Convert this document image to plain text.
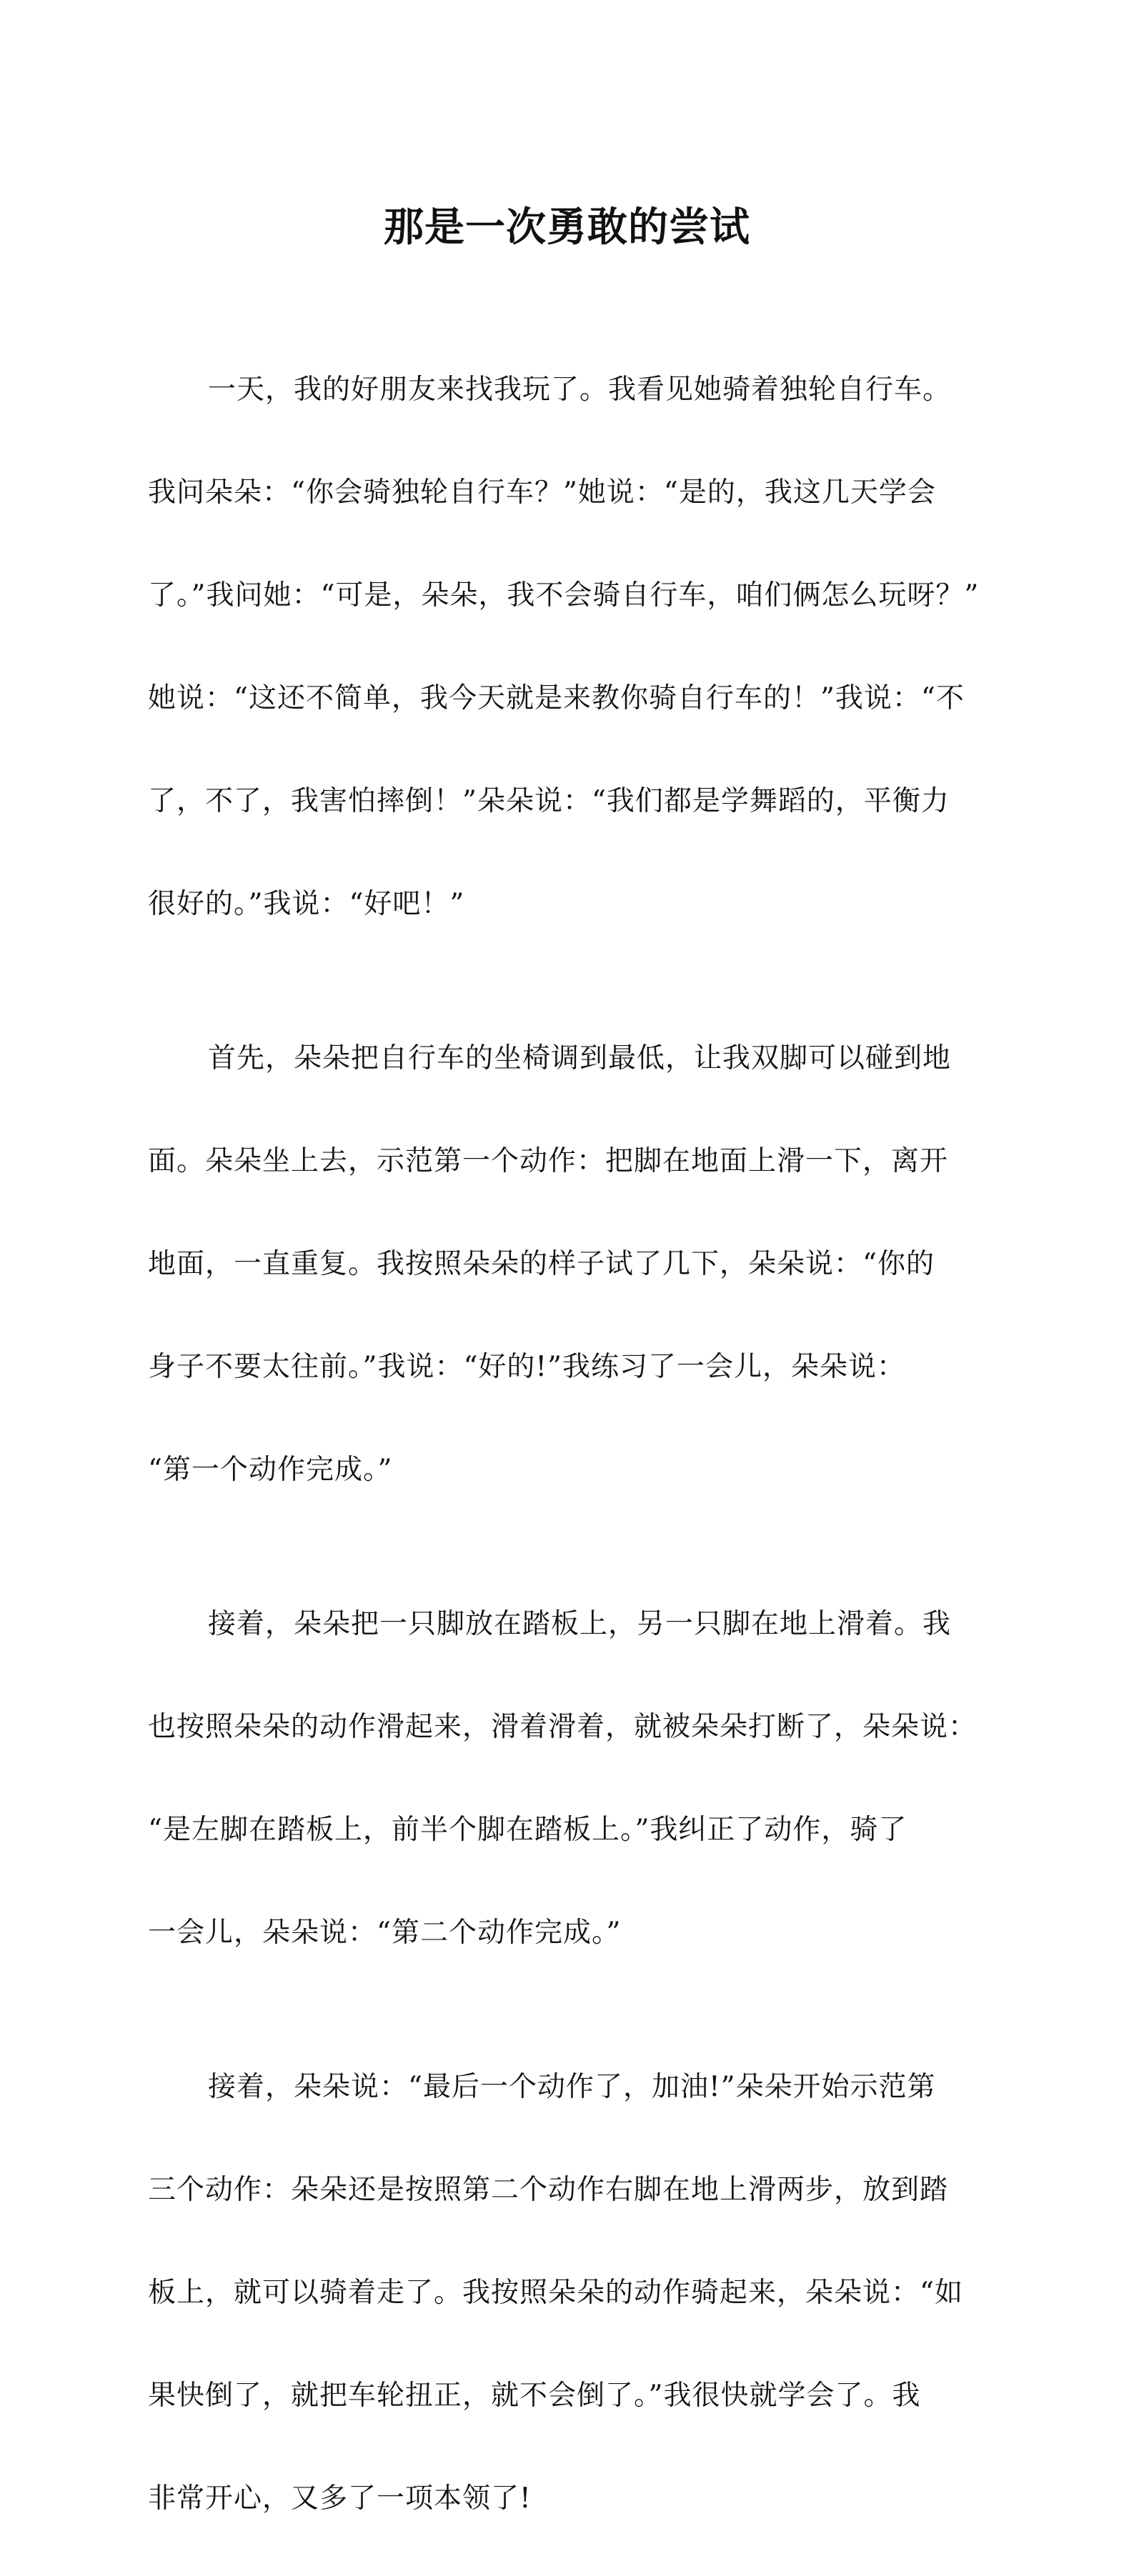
那是一次勇敢的尝试

一天，我的好朋友来找我玩了。我看见她骑着独轮自行车。

我问朵朵：“你会骑独轮自行车？”她说：“是的，我这几天学会

了。”我问她：“可是，朵朵，我不会骑自行车，咱们俩怎么玩呀？”

她说：“这还不简单，我今天就是来教你骑自行车的！”我说：“不

了，不了，我害怕摔倒！”朵朵说：“我们都是学舞蹈的，平衡力

很好的。”我说：“好吧！”

首先，朵朵把自行车的坐椅调到最低，让我双脚可以碰到地

面。朵朵坐上去，示范第一个动作：把脚在地面上滑一下，离开

地面，一直重复。我按照朵朵的样子试了几下，朵朵说：“你的

身子不要太往前。”我说：“好的!”我练习了一会儿，朵朵说：

“第一个动作完成。”

接着，朵朵把一只脚放在踏板上，另一只脚在地上滑着。我

也按照朵朵的动作滑起来，滑着滑着，就被朵朵打断了，朵朵说：

“是左脚在踏板上，前半个脚在踏板上。”我纠正了动作，骑了

一会儿，朵朵说：“第二个动作完成。”

接着，朵朵说：“最后一个动作了，加油!”朵朵开始示范第

三个动作：朵朵还是按照第二个动作右脚在地上滑两步，放到踏

板上，就可以骑着走了。我按照朵朵的动作骑起来，朵朵说：“如

果快倒了，就把车轮扭正，就不会倒了。”我很快就学会了。我

非常开心，又多了一项本领了!
